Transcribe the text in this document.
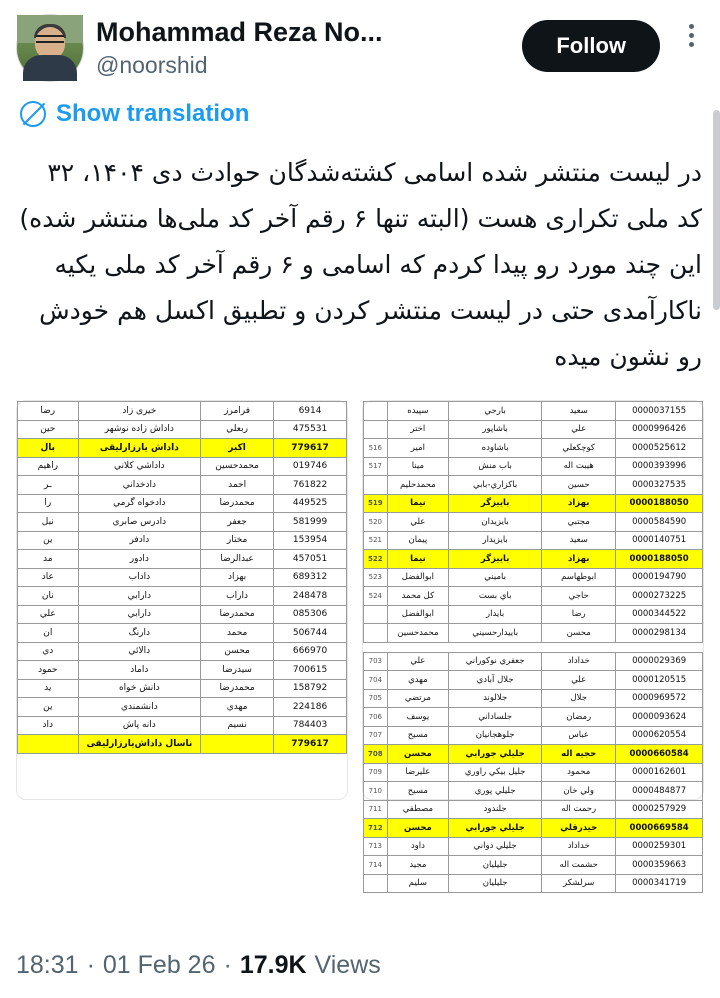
Mohammad Reza No...
@noorshid
Follow
Show translation
در لیست منتشر شده اسامی کشته‌شدگان حوادث دی ۱۴۰۴، ۳۲ کد ملی تکراری هست (البته تنها ۶ رقم آخر کد ملی‌ها منتشر شده) این چند مورد رو پیدا کردم که اسامی و ۶ رقم آخر کد ملی یکیه ناکارآمدی حتی در لیست منتشر کردن و تطبیق اکسل هم خودش رو نشون میده
6914	فرامرز	خیری زاد	رضا
475531	ربعلي	داداش زاده نوشهر	حین
779617	اکبر	داداش یارزارلیقی	بال
019746	محمدحسین	داداشي کلاني	راهیم
761822	احمد	دادخداني	ـر
449525	محمدرضا	دادخواه گرمي	را
581999	جعفر	دادرس صابري	نبل
153954	مختار	دادفر	ین
457051	عبدالرضا	دادور	مد
689312	بهزاد	داداب	عاد
248478	داراب	دارابي	نان
085306	محمدرضا	دارابي	علي
506744	محمد	دارنگ	ان
666970	محسن	دالائي	دي
700615	سیدرضا	داماد	حمود
158792	محمدرضا	دانش خواه	ید
224186	مهدي	دانشمندي	ین
784403	نسیم	دانه پاش	داد
779617		ناسال داداش‌یارزارلیقی	
0000037155	سعيد	بارجي	سپيده	
0000996426	علي	باشاپور	اختر	
0000525612	كوچكعلي	باشاوده	امير	516
0000393996	هيبت اله	باب منش	مينا	517
0000327535	حسين	باكزاري-بابي	محمدحليم	
0000188050	بهزاد	باييزگر	نيما	519
0000584590	مجتبي	بايزيدان	علي	520
0000140751	سعيد	بايزيدار	پيمان	521
0000188050	بهزاد	باييزگر	نيما	522
0000194790	ابوطهاسم	باميني	ابوالفضل	523
0000273225	حاجي	باي بست	كل محمد	524
0000344522	رضا	بايدار	ابوالفضل	
0000298134	محسن	باييدارحسيني	محمدحسين	

0000029369	خداداد	جعفري نوكوراني	علي	703
0000120515	علي	جلال آبادي	مهدي	704
0000969572	جلال	جلالوند	مرتضي	705
0000093624	رمضان	جلساداني	يوسف	706
0000620554	عباس	جلوهجانيان	مسيح	707
0000660584	حجيه اله	جليلي جورابي	محسن	708
0000162601	محمود	جليل بيكي راوري	عليرضا	709
0000484877	ولي خان	جليلي پوري	مسيح	710
0000257929	رحمت اله	جلندود	مصطفي	711
0000669584	حيدرقلي	جليلي جورابي	محسن	712
0000259301	خداداد	جليلي دواني	داود	713
0000359663	حشمت اله	جليليان	مجيد	714
0000341719	سرلشكر	جليليان	سليم	
18:31 · 01 Feb 26 · 17.9K Views
